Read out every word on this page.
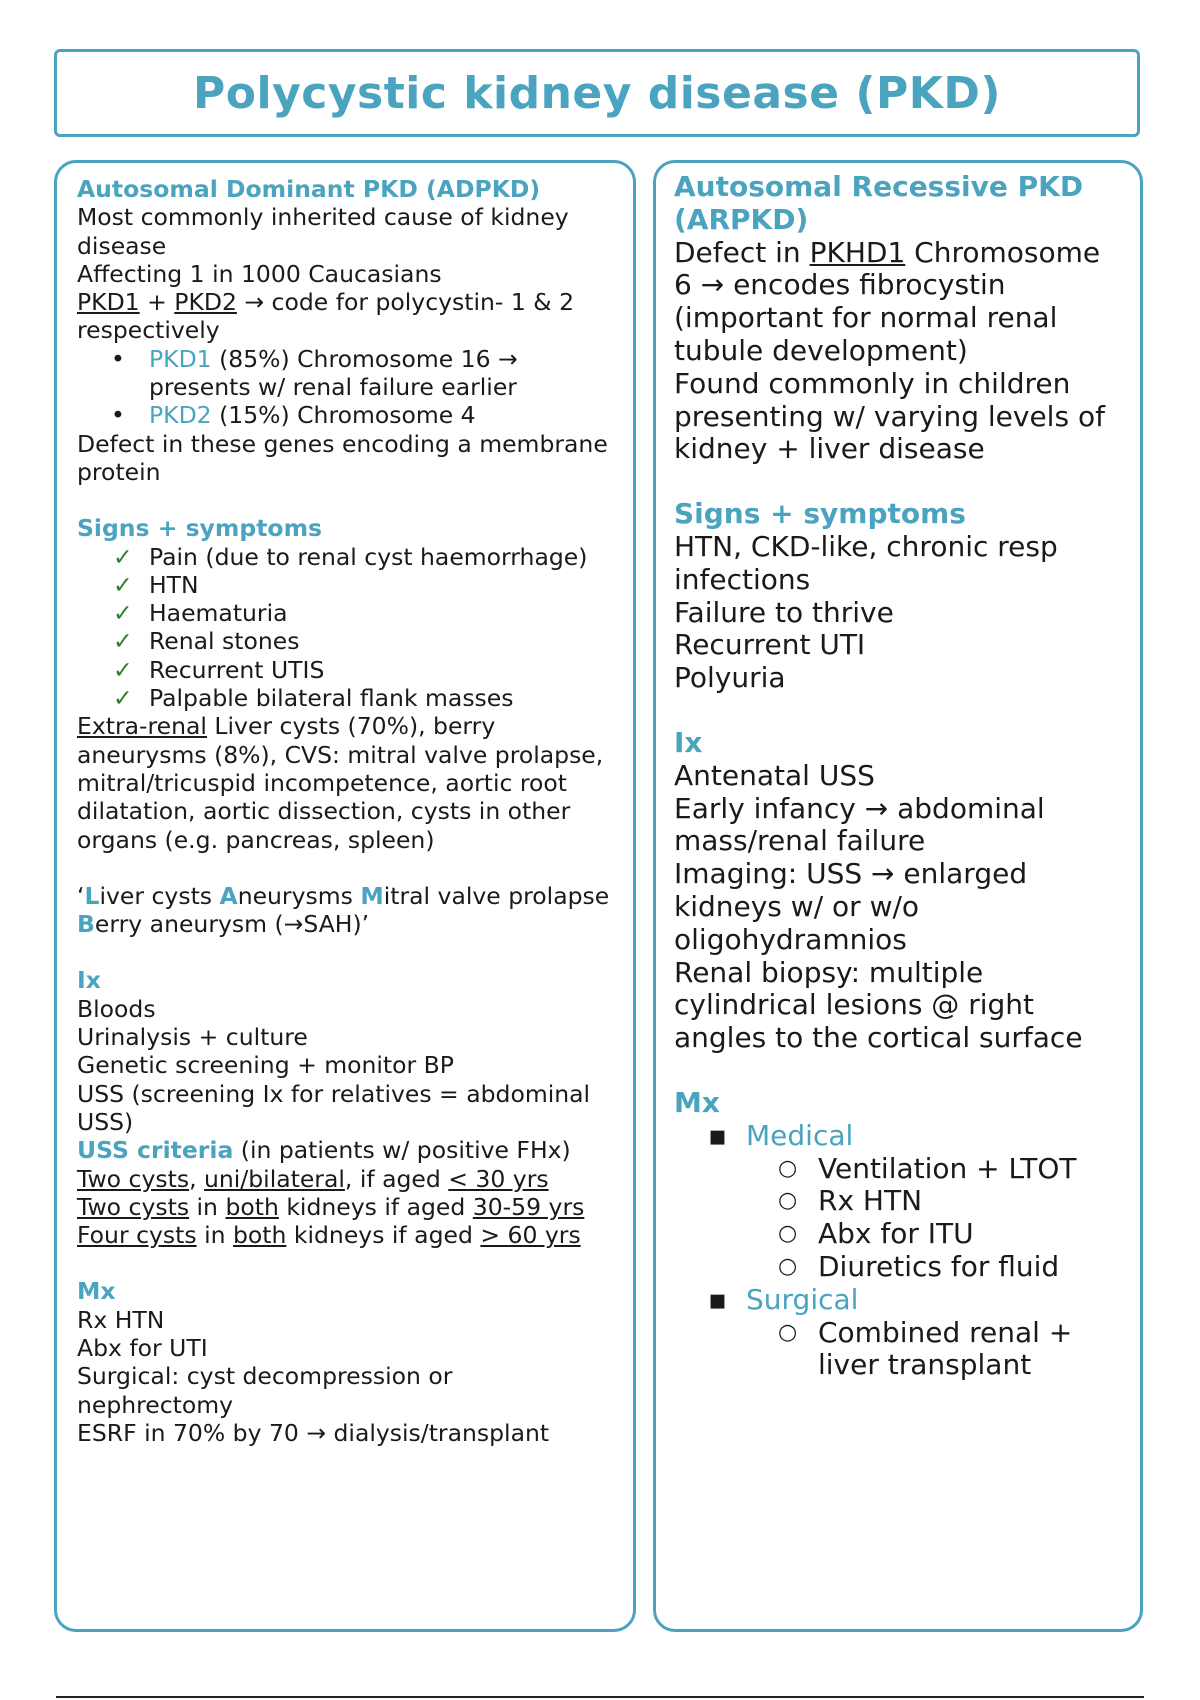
Polycystic kidney disease (PKD)
Autosomal Dominant PKD (ADPKD)
Most commonly inherited cause of kidney disease
Affecting 1 in 1000 Caucasians
PKD1 + PKD2 → code for polycystin- 1 & 2 respectively
• PKD1 (85%) Chromosome 16 → presents w/ renal failure earlier
• PKD2 (15%) Chromosome 4
Defect in these genes encoding a membrane protein
Signs + symptoms
✓ Pain (due to renal cyst haemorrhage)
✓ HTN
✓ Haematuria
✓ Renal stones
✓ Recurrent UTIS
✓ Palpable bilateral flank masses
Extra-renal Liver cysts (70%), berry aneurysms (8%), CVS: mitral valve prolapse, mitral/tricuspid incompetence, aortic root dilatation, aortic dissection, cysts in other organs (e.g. pancreas, spleen)
‘Liver cysts Aneurysms Mitral valve prolapse Berry aneurysm (→SAH)’
Ix
Bloods
Urinalysis + culture
Genetic screening + monitor BP
USS (screening Ix for relatives = abdominal USS)
USS criteria (in patients w/ positive FHx)
Two cysts, uni/bilateral, if aged < 30 yrs
Two cysts in both kidneys if aged 30-59 yrs
Four cysts in both kidneys if aged > 60 yrs
Mx
Rx HTN
Abx for UTI
Surgical: cyst decompression or nephrectomy
ESRF in 70% by 70 → dialysis/transplant
Autosomal Recessive PKD (ARPKD)
Defect in PKHD1 Chromosome 6 → encodes fibrocystin (important for normal renal tubule development)
Found commonly in children presenting w/ varying levels of kidney + liver disease
Signs + symptoms
HTN, CKD-like, chronic resp infections
Failure to thrive
Recurrent UTI
Polyuria
Ix
Antenatal USS
Early infancy → abdominal mass/renal failure
Imaging: USS → enlarged kidneys w/ or w/o oligohydramnios
Renal biopsy: multiple cylindrical lesions @ right angles to the cortical surface
Mx
▪ Medical
○ Ventilation + LTOT
○ Rx HTN
○ Abx for ITU
○ Diuretics for fluid
▪ Surgical
○ Combined renal + liver transplant
